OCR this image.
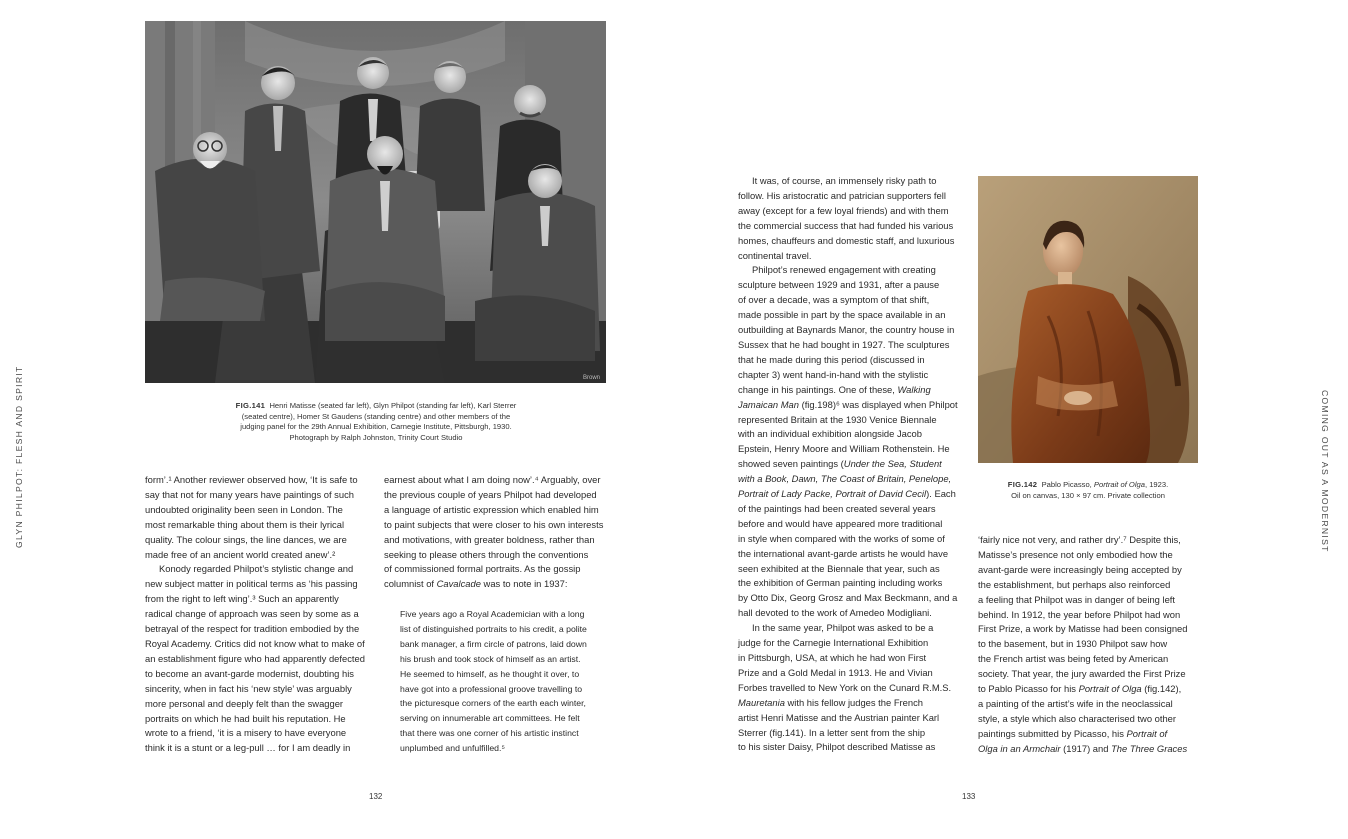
GLYN PHILPOT: FLESH AND SPIRIT	COMING OUT AS A MODERNIST
Brown
FIG.141 Henri Matisse (seated far left), Glyn Philpot (standing far left), Karl Sterrer
(seated centre), Homer St Gaudens (standing centre) and other members of the
judging panel for the 29th Annual Exhibition, Carnegie Institute, Pittsburgh, 1930.
Photograph by Ralph Johnston, Trinity Court Studio
form’.¹ Another reviewer observed how, ‘It is safe to
say that not for many years have paintings of such
undoubted originality been seen in London. The
most remarkable thing about them is their lyrical
quality. The colour sings, the line dances, we are
made free of an ancient world created anew’.²
Konody regarded Philpot’s stylistic change and
new subject matter in political terms as ‘his passing
from the right to left wing’.³ Such an apparently
radical change of approach was seen by some as a
betrayal of the respect for tradition embodied by the
Royal Academy. Critics did not know what to make of
an establishment figure who had apparently defected
to become an avant-garde modernist, doubting his
sincerity, when in fact his ‘new style’ was arguably
more personal and deeply felt than the swagger
portraits on which he had built his reputation. He
wrote to a friend, ‘it is a misery to have everyone
think it is a stunt or a leg-pull … for I am deadly in
earnest about what I am doing now’.⁴ Arguably, over
the previous couple of years Philpot had developed
a language of artistic expression which enabled him
to paint subjects that were closer to his own interests
and motivations, with greater boldness, rather than
seeking to please others through the conventions
of commissioned formal portraits. As the gossip
columnist of Cavalcade was to note in 1937:
Five years ago a Royal Academician with a long
list of distinguished portraits to his credit, a polite
bank manager, a firm circle of patrons, laid down
his brush and took stock of himself as an artist.
He seemed to himself, as he thought it over, to
have got into a professional groove travelling to
the picturesque corners of the earth each winter,
serving on innumerable art committees. He felt
that there was one corner of his artistic instinct
unplumbed and unfulfilled.⁵
132
It was, of course, an immensely risky path to
follow. His aristocratic and patrician supporters fell
away (except for a few loyal friends) and with them
the commercial success that had funded his various
homes, chauffeurs and domestic staff, and luxurious
continental travel.
Philpot’s renewed engagement with creating
sculpture between 1929 and 1931, after a pause
of over a decade, was a symptom of that shift,
made possible in part by the space available in an
outbuilding at Baynards Manor, the country house in
Sussex that he had bought in 1927. The sculptures
that he made during this period (discussed in
chapter 3) went hand-in-hand with the stylistic
change in his paintings. One of these, Walking
Jamaican Man (fig.198)⁶ was displayed when Philpot
represented Britain at the 1930 Venice Biennale
with an individual exhibition alongside Jacob
Epstein, Henry Moore and William Rothenstein. He
showed seven paintings (Under the Sea, Student
with a Book, Dawn, The Coast of Britain, Penelope,
Portrait of Lady Packe, Portrait of David Cecil). Each
of the paintings had been created several years
before and would have appeared more traditional
in style when compared with the works of some of
the international avant-garde artists he would have
seen exhibited at the Biennale that year, such as
the exhibition of German painting including works
by Otto Dix, Georg Grosz and Max Beckmann, and a
hall devoted to the work of Amedeo Modigliani.
In the same year, Philpot was asked to be a
judge for the Carnegie International Exhibition
in Pittsburgh, USA, at which he had won First
Prize and a Gold Medal in 1913. He and Vivian
Forbes travelled to New York on the Cunard R.M.S.
Mauretania with his fellow judges the French
artist Henri Matisse and the Austrian painter Karl
Sterrer (fig.141). In a letter sent from the ship
to his sister Daisy, Philpot described Matisse as
FIG.142 Pablo Picasso, Portrait of Olga, 1923.
Oil on canvas, 130 × 97 cm. Private collection
‘fairly nice not very, and rather dry’.⁷ Despite this,
Matisse’s presence not only embodied how the
avant-garde were increasingly being accepted by
the establishment, but perhaps also reinforced
a feeling that Philpot was in danger of being left
behind. In 1912, the year before Philpot had won
First Prize, a work by Matisse had been consigned
to the basement, but in 1930 Philpot saw how
the French artist was being feted by American
society. That year, the jury awarded the First Prize
to Pablo Picasso for his Portrait of Olga (fig.142),
a painting of the artist’s wife in the neoclassical
style, a style which also characterised two other
paintings submitted by Picasso, his Portrait of
Olga in an Armchair (1917) and The Three Graces
133
